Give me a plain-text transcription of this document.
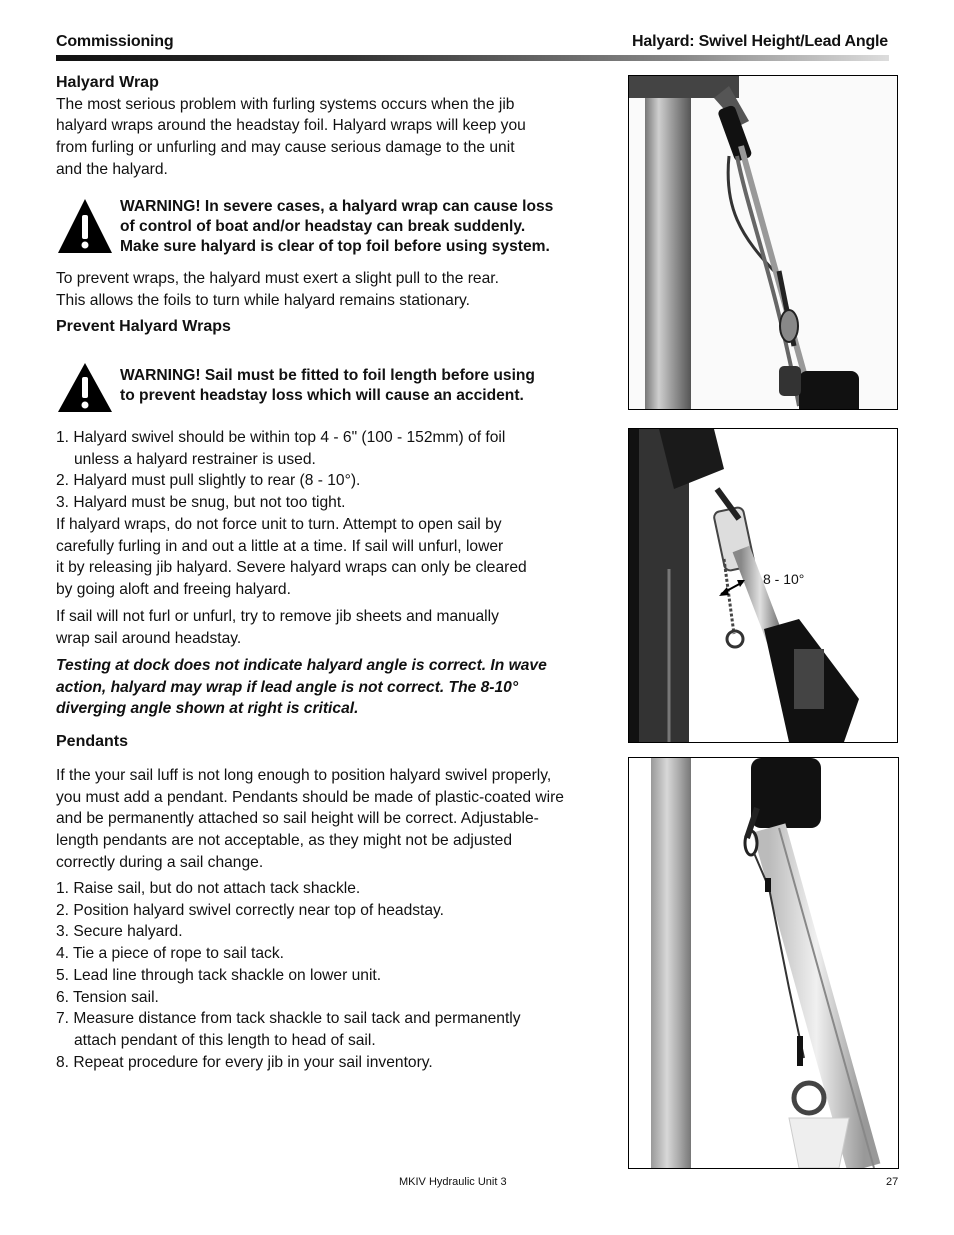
Commissioning	Halyard: Swivel Height/Lead Angle

Halyard Wrap

The most serious problem with furling systems occurs when the jib

halyard wraps around the headstay foil. Halyard wraps will keep you

from furling or unfurling and may cause serious damage to the unit

and the halyard.

WARNING! In severe cases, a halyard wrap can cause loss
of control of boat and/or headstay can break suddenly.
Make sure halyard is clear of top foil before using system.

To prevent wraps, the halyard must exert a slight pull to the rear.

This allows the foils to turn while halyard remains stationary.

Prevent Halyard Wraps
WARNING! Sail must be fitted to foil length before using
to prevent headstay loss which will cause an accident.
1. Halyard swivel should be within top 4 - 6" (100 - 152mm) of foil unless a halyard restrainer is used.
2. Halyard must pull slightly to rear (8 - 10°).
3. Halyard must be snug, but not too tight.

If halyard wraps, do not force unit to turn. Attempt to open sail by

carefully furling in and out a little at a time. If sail will unfurl, lower

it by releasing jib halyard. Severe halyard wraps can only be cleared

by going aloft and freeing halyard.

If sail will not furl or unfurl, try to remove jib sheets and manually

wrap sail around headstay.

Testing at dock does not indicate halyard angle is correct. In wave

action, halyard may wrap if lead angle is not correct. The 8-10°

diverging angle shown at right is critical.

Pendants

If the your sail luff is not long enough to position halyard swivel properly,

you must add a pendant. Pendants should be made of plastic-coated wire

and be permanently attached so sail height will be correct. Adjustable-

length pendants are not acceptable, as they might not be adjusted

correctly during a sail change.

1. Raise sail, but do not attach tack shackle.
2. Position halyard swivel correctly near top of headstay.
3. Secure halyard.
4. Tie a piece of rope to sail tack.
5. Lead line through tack shackle on lower unit.
6. Tension sail.
7. Measure distance from tack shackle to sail tack and permanently attach pendant of this length to head of sail.
8. Repeat procedure for every jib in your sail inventory.
8 - 10°
MKIV Hydraulic Unit 3	27
